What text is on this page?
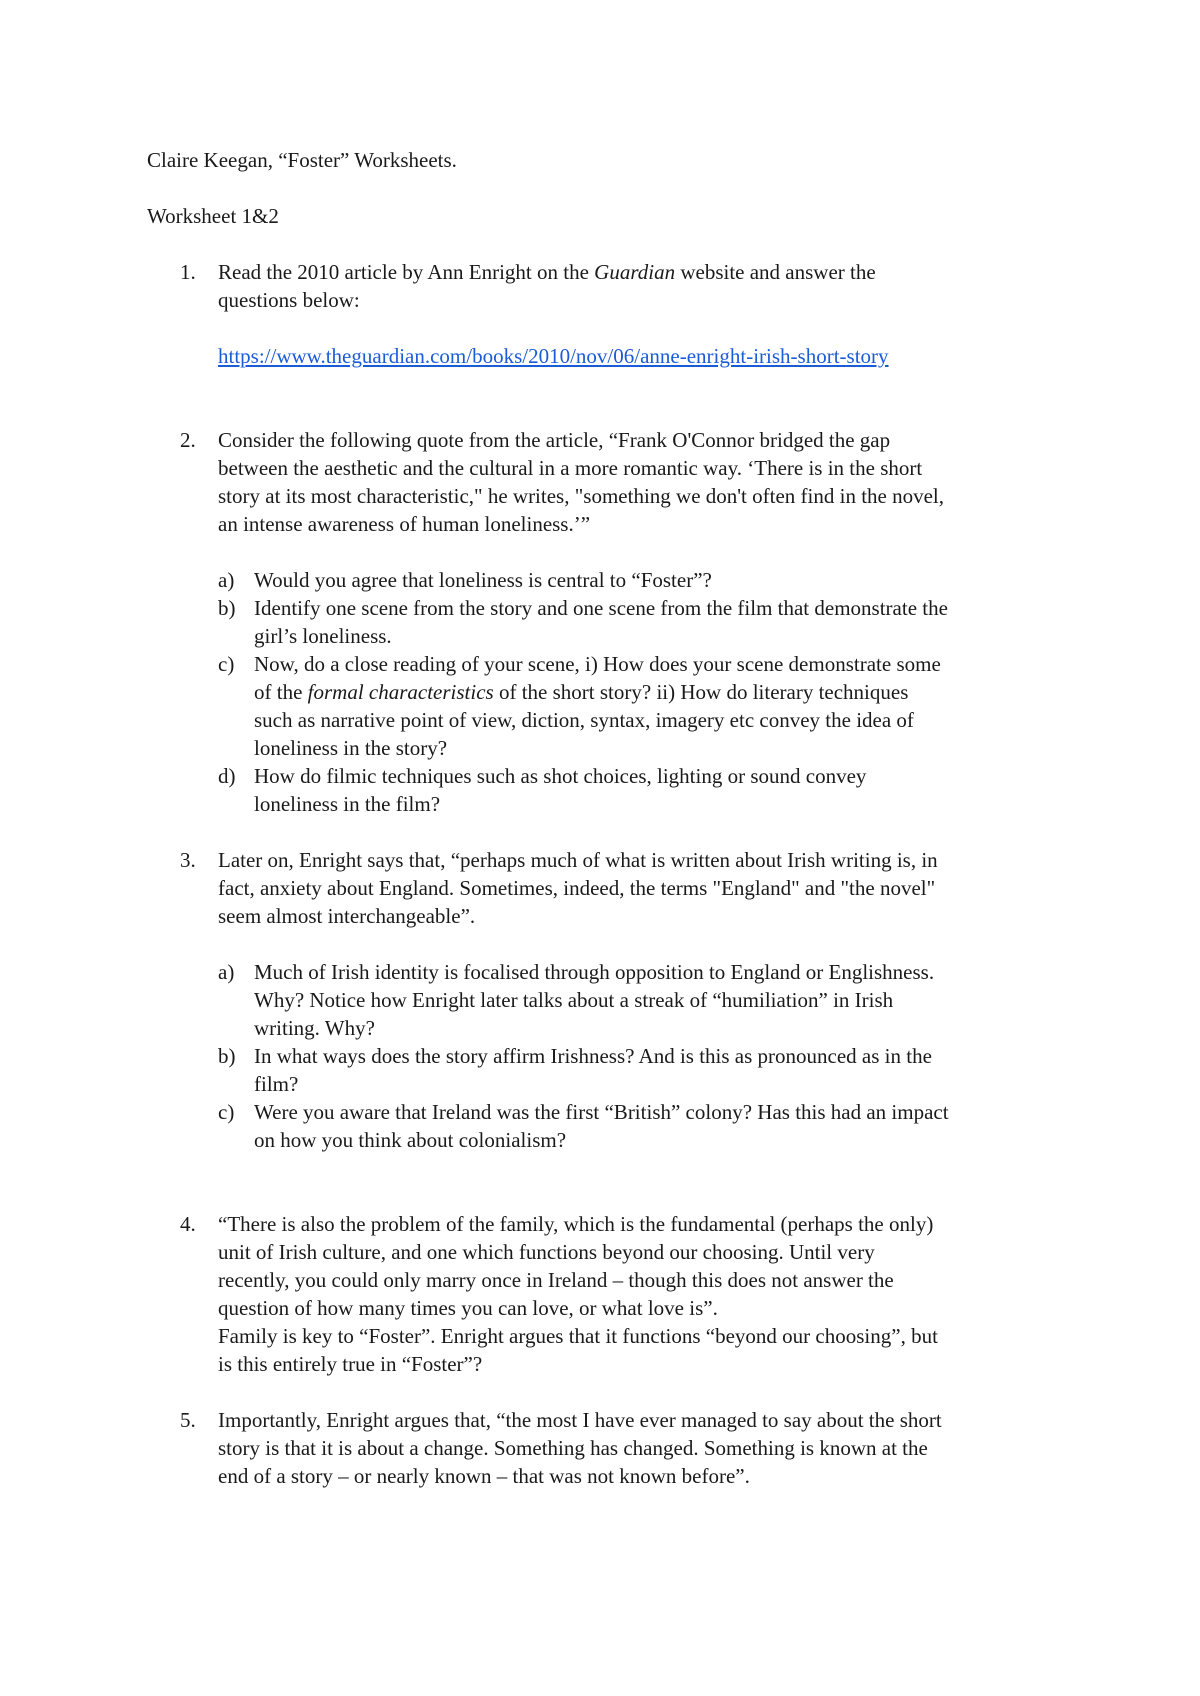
Claire Keegan, “Foster” Worksheets.
Worksheet 1&2
1.	Read the 2010 article by Ann Enright on the Guardian website and answer the
questions below:
https://www.theguardian.com/books/2010/nov/06/anne-enright-irish-short-story
2.	Consider the following quote from the article, “Frank O'Connor bridged the gap
between the aesthetic and the cultural in a more romantic way. ‘There is in the short
story at its most characteristic," he writes, "something we don't often find in the novel,
an intense awareness of human loneliness.’”
a) Would you agree that loneliness is central to “Foster”?
b) Identify one scene from the story and one scene from the film that demonstrate the
girl’s loneliness.
c) Now, do a close reading of your scene, i) How does your scene demonstrate some
of the formal characteristics of the short story? ii) How do literary techniques
such as narrative point of view, diction, syntax, imagery etc convey the idea of
loneliness in the story?
d) How do filmic techniques such as shot choices, lighting or sound convey
loneliness in the film?
3.	Later on, Enright says that, “perhaps much of what is written about Irish writing is, in
fact, anxiety about England. Sometimes, indeed, the terms "England" and "the novel"
seem almost interchangeable”.
a) Much of Irish identity is focalised through opposition to England or Englishness.
Why? Notice how Enright later talks about a streak of “humiliation” in Irish
writing. Why?
b) In what ways does the story affirm Irishness? And is this as pronounced as in the
film?
c) Were you aware that Ireland was the first “British” colony? Has this had an impact
on how you think about colonialism?
4.	“There is also the problem of the family, which is the fundamental (perhaps the only)
unit of Irish culture, and one which functions beyond our choosing. Until very
recently, you could only marry once in Ireland – though this does not answer the
question of how many times you can love, or what love is”.
Family is key to “Foster”. Enright argues that it functions “beyond our choosing”, but
is this entirely true in “Foster”?
5.	Importantly, Enright argues that, “the most I have ever managed to say about the short
story is that it is about a change. Something has changed. Something is known at the
end of a story – or nearly known – that was not known before”.
